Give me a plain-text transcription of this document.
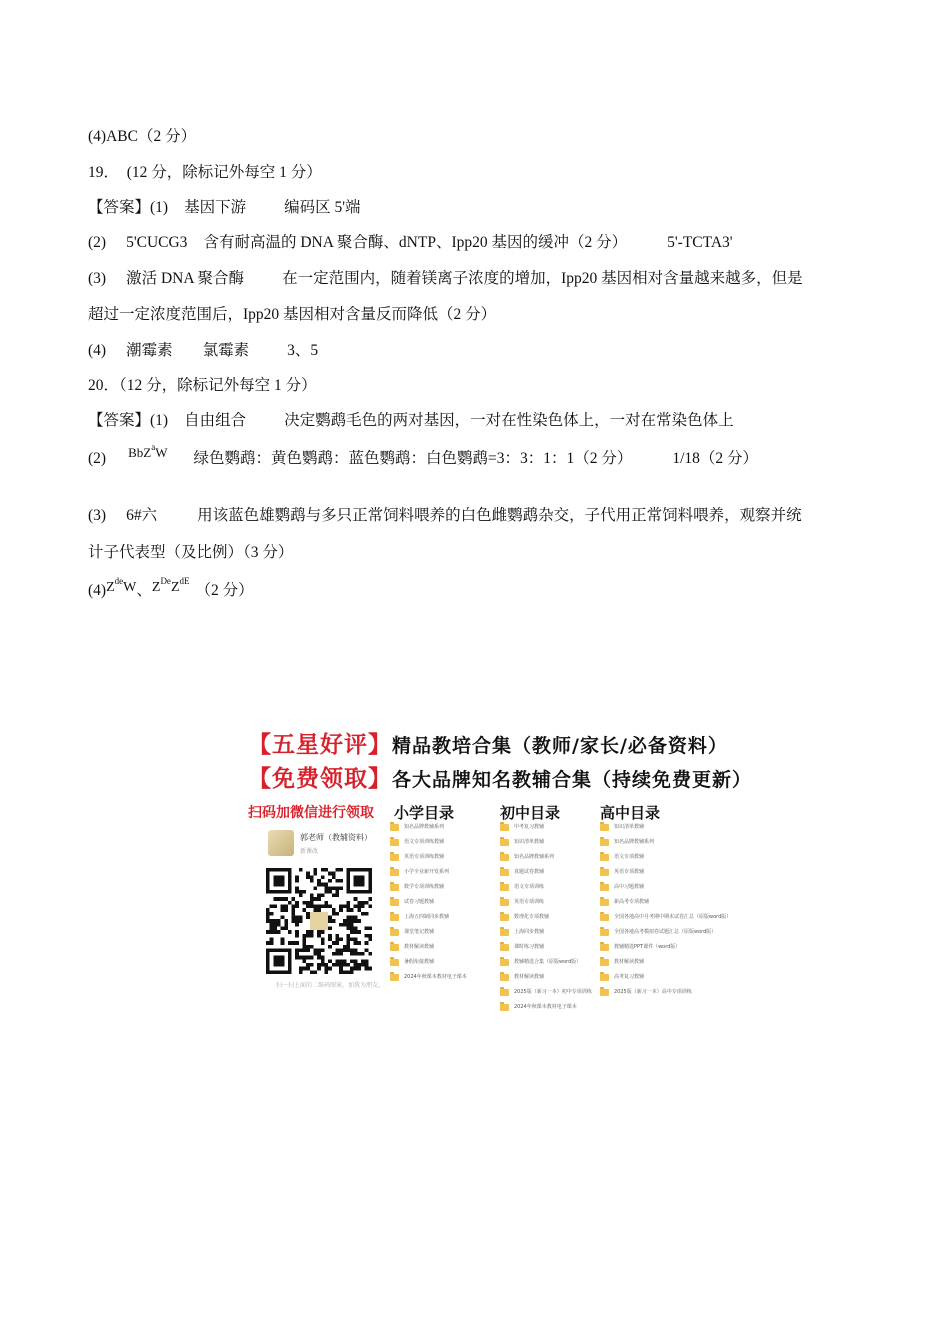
(4)ABC（2 分）
19．　(12 分，除标记外每空 1 分）
【答案】(1) 基因下游 编码区 5'端
(2) 5'CUCG3 含有耐高温的 DNA 聚合酶、dNTP、Ipp20 基因的缓冲（2 分）	5'-TCTA3'
(3) 激活 DNA 聚合酶 在一定范围内，随着镁离子浓度的增加，Ipp20 基因相对含量越来越多，但是
超过一定浓度范围后，Ipp20 基因相对含量反而降低（2 分）
(4) 潮霉素 氯霉素 3、5
20．（12 分，除标记外每空 1 分）
【答案】(1) 自由组合 决定鹦鹉毛色的两对基因，一对在性染色体上，一对在常染色体上
(2) $^{BbZ^aW}$ 绿色鹦鹉：黄色鹦鹉：蓝色鹦鹉：白色鹦鹉=3：3：1：1（2 分）	1/18（2 分）
(3) 6#六	用该蓝色雄鹦鹉与多只正常饲料喂养的白色雌鹦鹉杂交，子代用正常饲料喂养，观察并统
计子代表型（及比例）（3 分）
$(4)Z^{de}W$、$Z^{De}Z^{dE}(2$ 分）
【五星好评】精品教培合集（教师/家长/必备资料）
【免费领取】各大品牌知名教辅合集（持续免费更新）
扫码加微信进行领取 小学目录	初中目录	高中目录
郭老师（教辅资料）
新课改
扫一扫上面的二维码图案，加我为朋友。
知名品牌教辅系列
语文专项训练教辅
英语专项训练教辅
小学全业新开发系列
数学专项训练教辅
试卷习题教辅
上海五四制同步教辅
课堂笔记教辅
教材解读教辅
暑假衔接教辅
2024年秋课本教材电子课本
中考复习教辅
知识清单教辅
知名品牌教辅系列
真题试卷教辅
语文专项训练
英语专项训练
数理化专项教辅
上海同步教辅
课时练习教辅
教辅精选合集（原版word版）
教材解读教辅
2025版（新习一本）初中专项训练
2024年秋课本教材电子课本
知识清单教辅
知名品牌教辅系列
语文专项教辅
英语专项教辅
高中习题教辅
新高考专项教辅
全国各地高中月考期中期末试卷汇总（原版word版）
全国各地高考模拟卷试题汇总（原版word版）
教辅精选PPT课件（word版）
教材解读教辅
高考复习教辅
2025版（新习一本）高中专项训练
